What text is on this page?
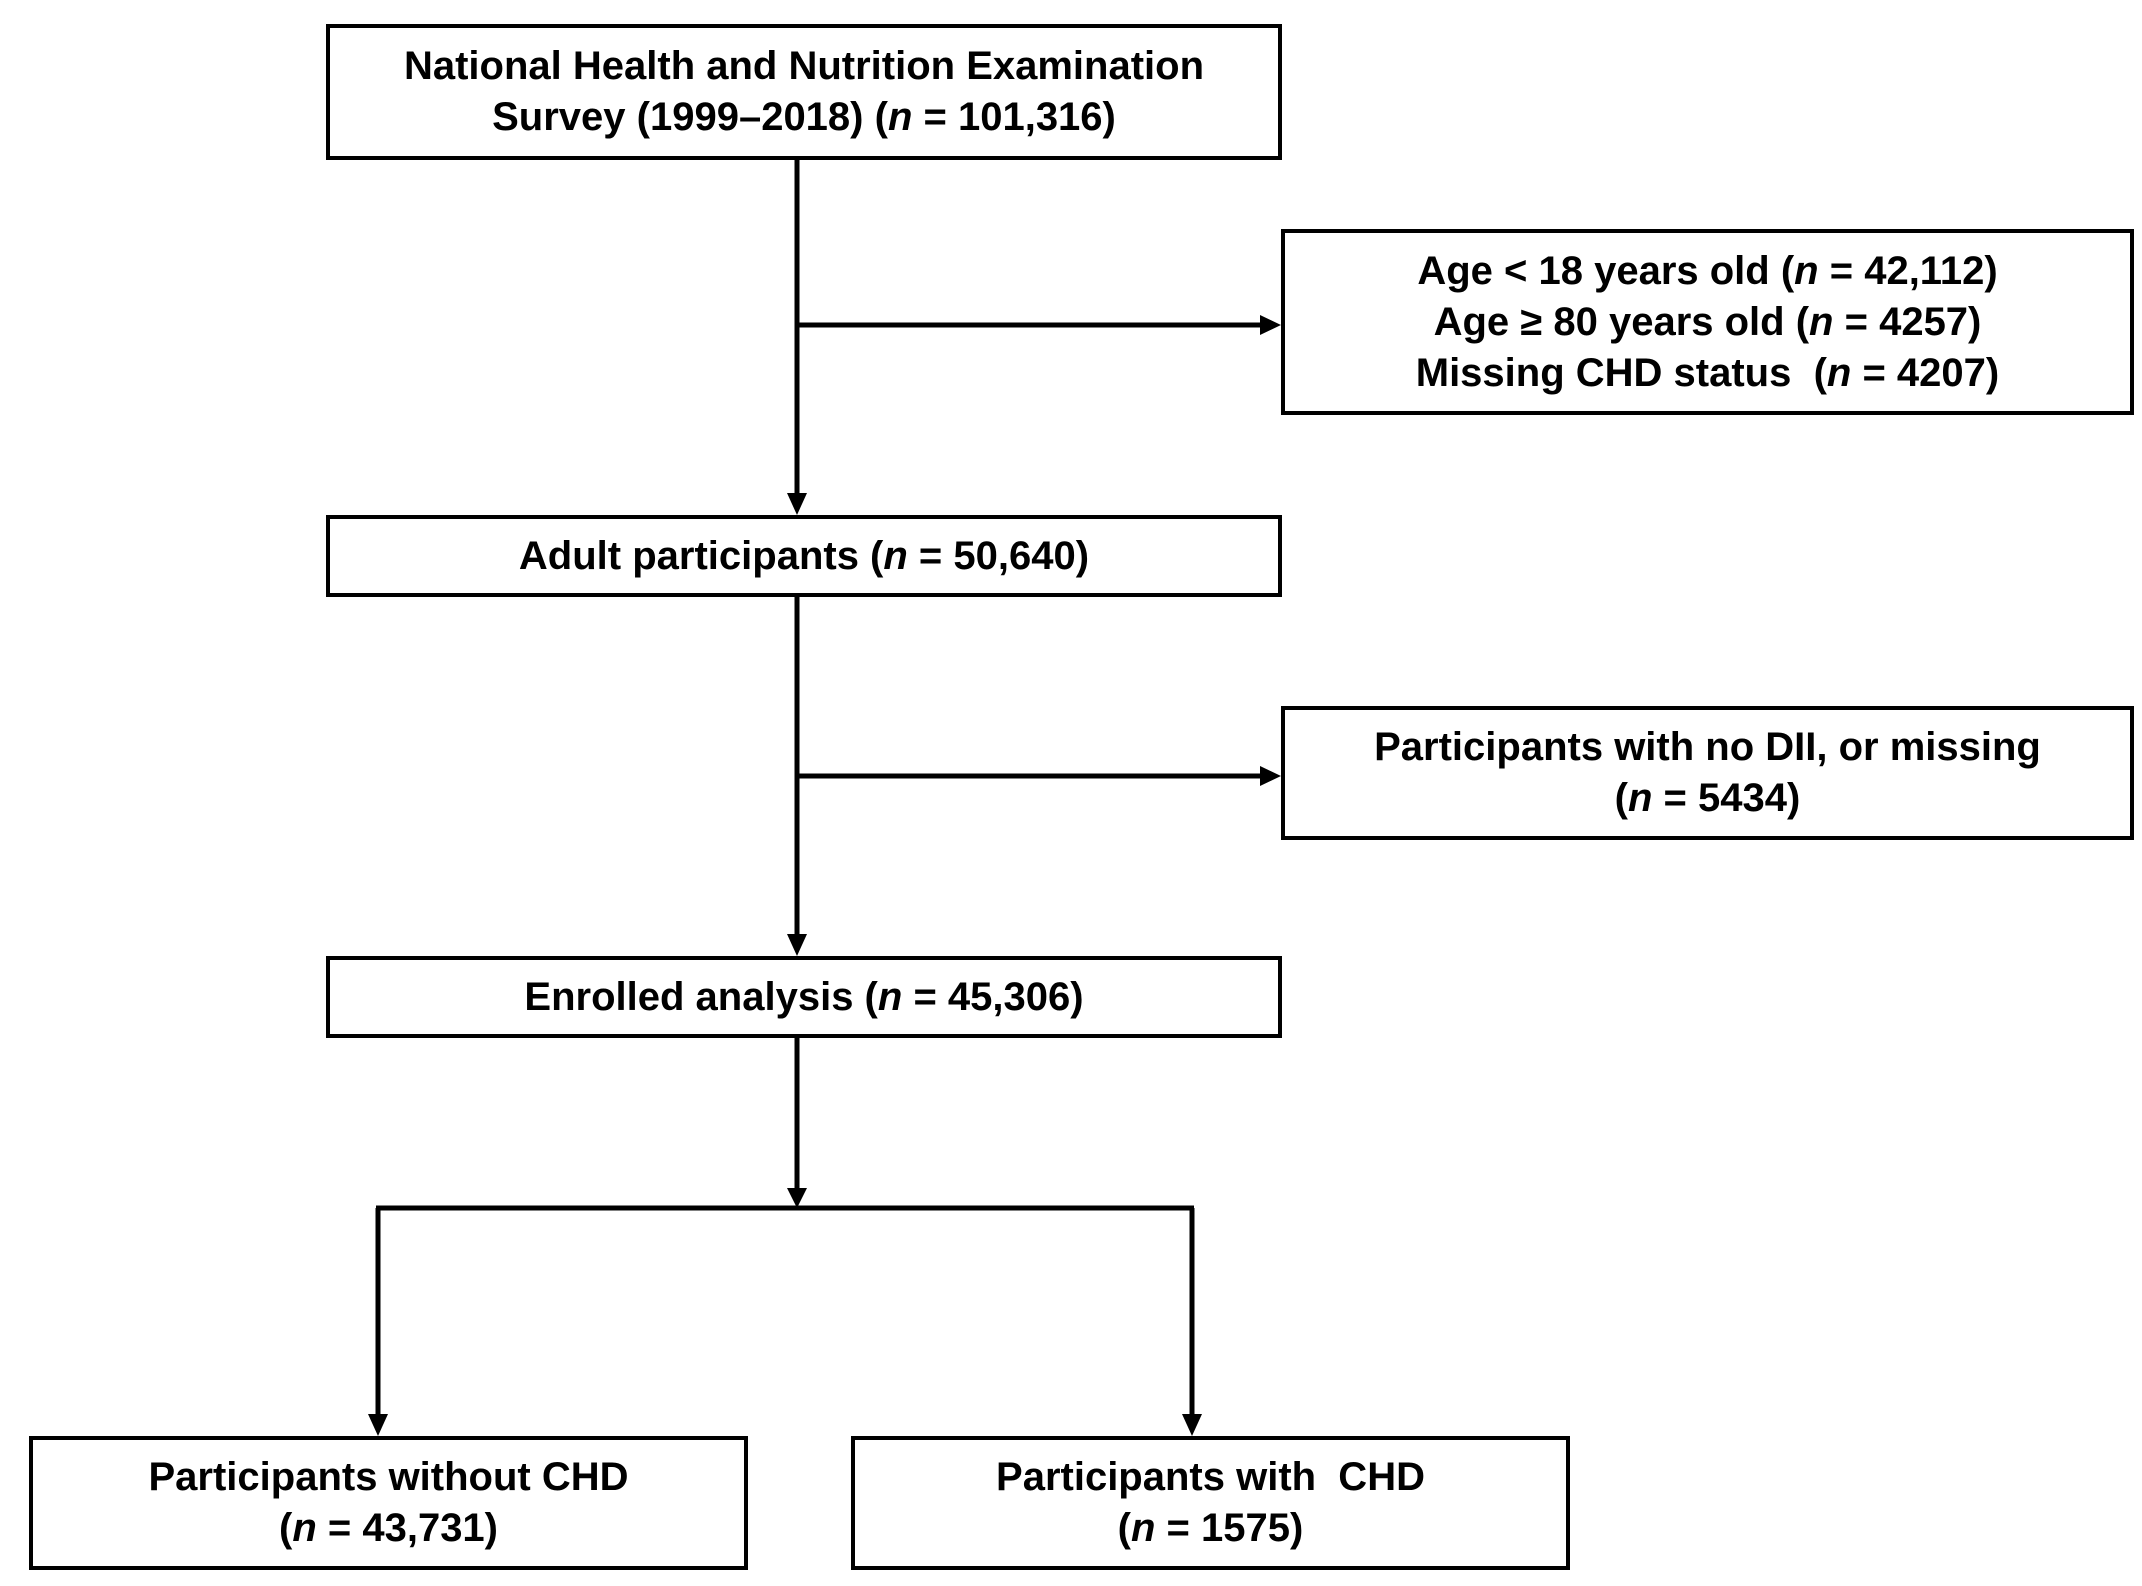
National Health and Nutrition Examination
Survey (1999–2018) (n = 101,316)
Age < 18 years old (n = 42,112)
Age ≥ 80 years old (n = 4257)
Missing CHD status  (n = 4207)
Adult participants (n = 50,640)
Participants with no DII, or missing
(n = 5434)
Enrolled analysis (n = 45,306)
Participants without CHD
(n = 43,731)
Participants with  CHD
(n = 1575)
